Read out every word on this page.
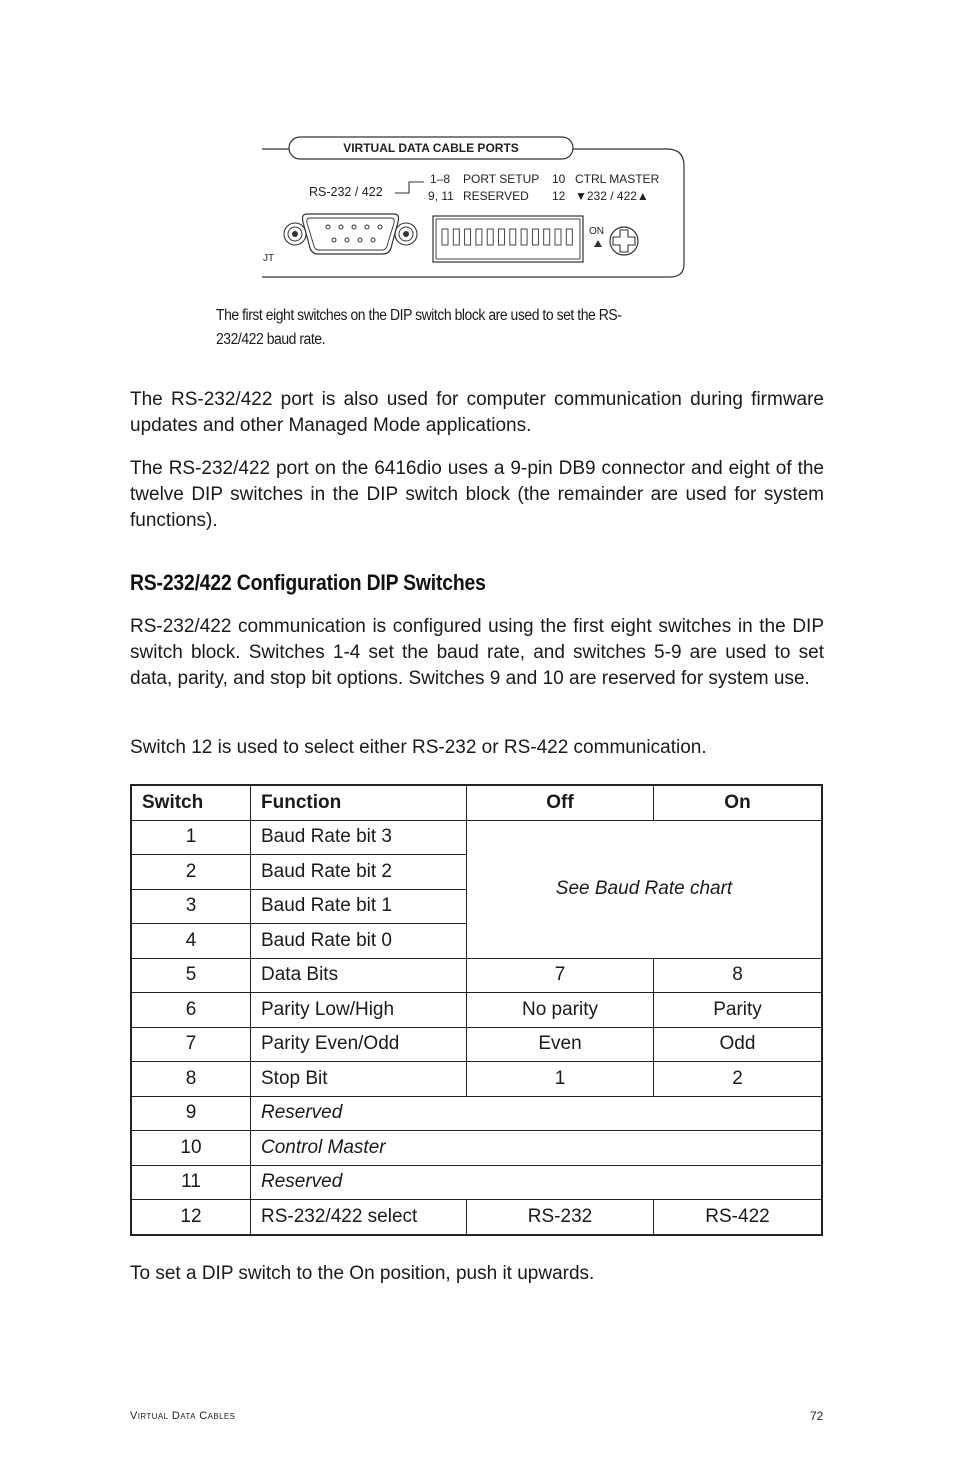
VIRTUAL DATA CABLE PORTS
RS-232 / 422
1–8 PORT SETUP
9, 11 RESERVED
10 CTRL MASTER
12 ▼232 / 422▲
ON
JT
The first eight switches on the DIP switch block are used to set the RS-232/422 baud rate.
The RS-232/422 port is also used for computer communication during firmware updates and other Managed Mode applications.
The RS-232/422 port on the 6416dio uses a 9-pin DB9 connector and eight of the twelve DIP switches in the DIP switch block (the remainder are used for system functions).
RS-232/422 Configuration DIP Switches
RS-232/422 communication is configured using the first eight switches in the DIP switch block. Switches 1-4 set the baud rate, and switches 5-9 are used to set data, parity, and stop bit options. Switches 9 and 10 are reserved for system use.
Switch 12 is used to select either RS-232 or RS-422 communication.
Switch	Function	Off	On
1	Baud Rate bit 3	See Baud Rate chart	
2	Baud Rate bit 2		
3	Baud Rate bit 1		
4	Baud Rate bit 0		
5	Data Bits	7	8
6	Parity Low/High	No parity	Parity
7	Parity Even/Odd	Even	Odd
8	Stop Bit	1	2
9	Reserved		
10	Control Master		
11	Reserved		
12	RS-232/422 select	RS-232	RS-422
To set a DIP switch to the On position, push it upwards.
Virtual Data Cables	72
